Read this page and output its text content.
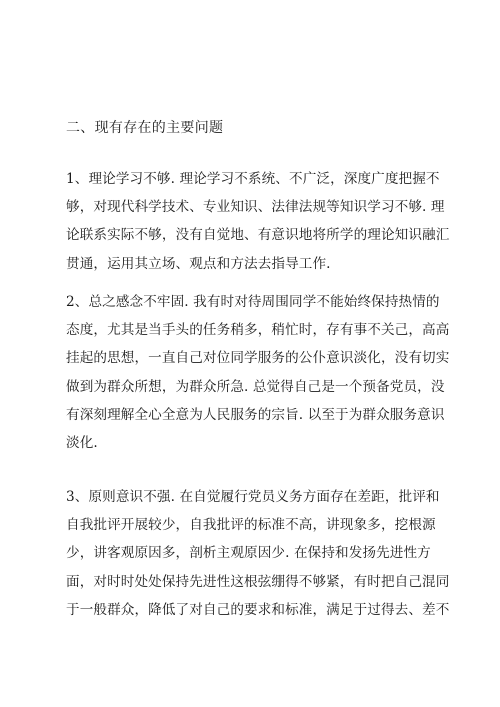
二、现有存在的主要问题
1、理论学习不够. 理论学习不系统、不广泛，深度广度把握不
够，对现代科学技术、专业知识、法律法规等知识学习不够. 理
论联系实际不够，没有自觉地、有意识地将所学的理论知识融汇
贯通，运用其立场、观点和方法去指导工作.
2、总之感念不牢固. 我有时对待周围同学不能始终保持热情的
态度，尤其是当手头的任务稍多，稍忙时，存有事不关己，高高
挂起的思想，一直自己对位同学服务的公仆意识淡化，没有切实
做到为群众所想，为群众所急. 总觉得自己是一个预备党员，没
有深刻理解全心全意为人民服务的宗旨. 以至于为群众服务意识
淡化.
3、原则意识不强. 在自觉履行党员义务方面存在差距，批评和
自我批评开展较少，自我批评的标准不高，讲现象多，挖根源
少，讲客观原因多，剖析主观原因少. 在保持和发扬先进性方
面，对时时处处保持先进性这根弦绷得不够紧，有时把自己混同
于一般群众，降低了对自己的要求和标准，满足于过得去、差不
